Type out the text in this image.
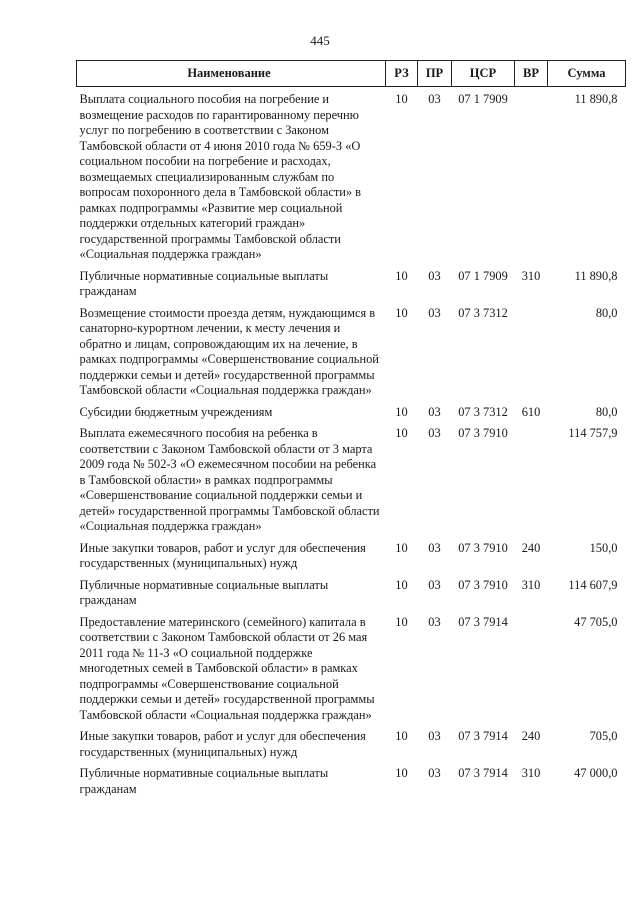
445
Наименование	РЗ	ПР	ЦСР	ВР	Сумма
Выплата социального пособия на погребение и возмещение расходов по гарантированному перечню услуг по погребению в соответствии с Законом Тамбовской области от 4 июня 2010 года № 659-З «О социальном пособии на погребение и расходах, возмещаемых специализированным службам по вопросам похоронного дела в Тамбовской области» в рамках подпрограммы «Развитие мер социальной поддержки отдельных категорий граждан» государственной программы Тамбовской области «Социальная поддержка граждан»	10	03	07 1 7909		11 890,8
Публичные нормативные социальные выплаты гражданам	10	03	07 1 7909	310	11 890,8
Возмещение стоимости проезда детям, нуждающимся в санаторно-курортном лечении, к месту лечения и обратно и лицам, сопровождающим их на лечение, в рамках подпрограммы «Совершенствование социальной поддержки семьи и детей» государственной программы Тамбовской области «Социальная поддержка граждан»	10	03	07 3 7312		80,0
Субсидии бюджетным учреждениям	10	03	07 3 7312	610	80,0
Выплата ежемесячного пособия на ребенка в соответствии с Законом Тамбовской области от 3 марта 2009 года № 502-З «О ежемесячном пособии на ребенка в Тамбовской области» в рамках подпрограммы «Совершенствование социальной поддержки семьи и детей» государственной программы Тамбовской области «Социальная поддержка граждан»	10	03	07 3 7910		114 757,9
Иные закупки товаров, работ и услуг для обеспечения государственных (муниципальных) нужд	10	03	07 3 7910	240	150,0
Публичные нормативные социальные выплаты гражданам	10	03	07 3 7910	310	114 607,9
Предоставление материнского (семейного) капитала в соответствии с Законом Тамбовской области от 26 мая 2011 года № 11-З «О социальной поддержке многодетных семей в Тамбовской области» в рамках подпрограммы «Совершенствование социальной поддержки семьи и детей» государственной программы Тамбовской области «Социальная поддержка граждан»	10	03	07 3 7914		47 705,0
Иные закупки товаров, работ и услуг для обеспечения государственных (муниципальных) нужд	10	03	07 3 7914	240	705,0
Публичные нормативные социальные выплаты гражданам	10	03	07 3 7914	310	47 000,0
